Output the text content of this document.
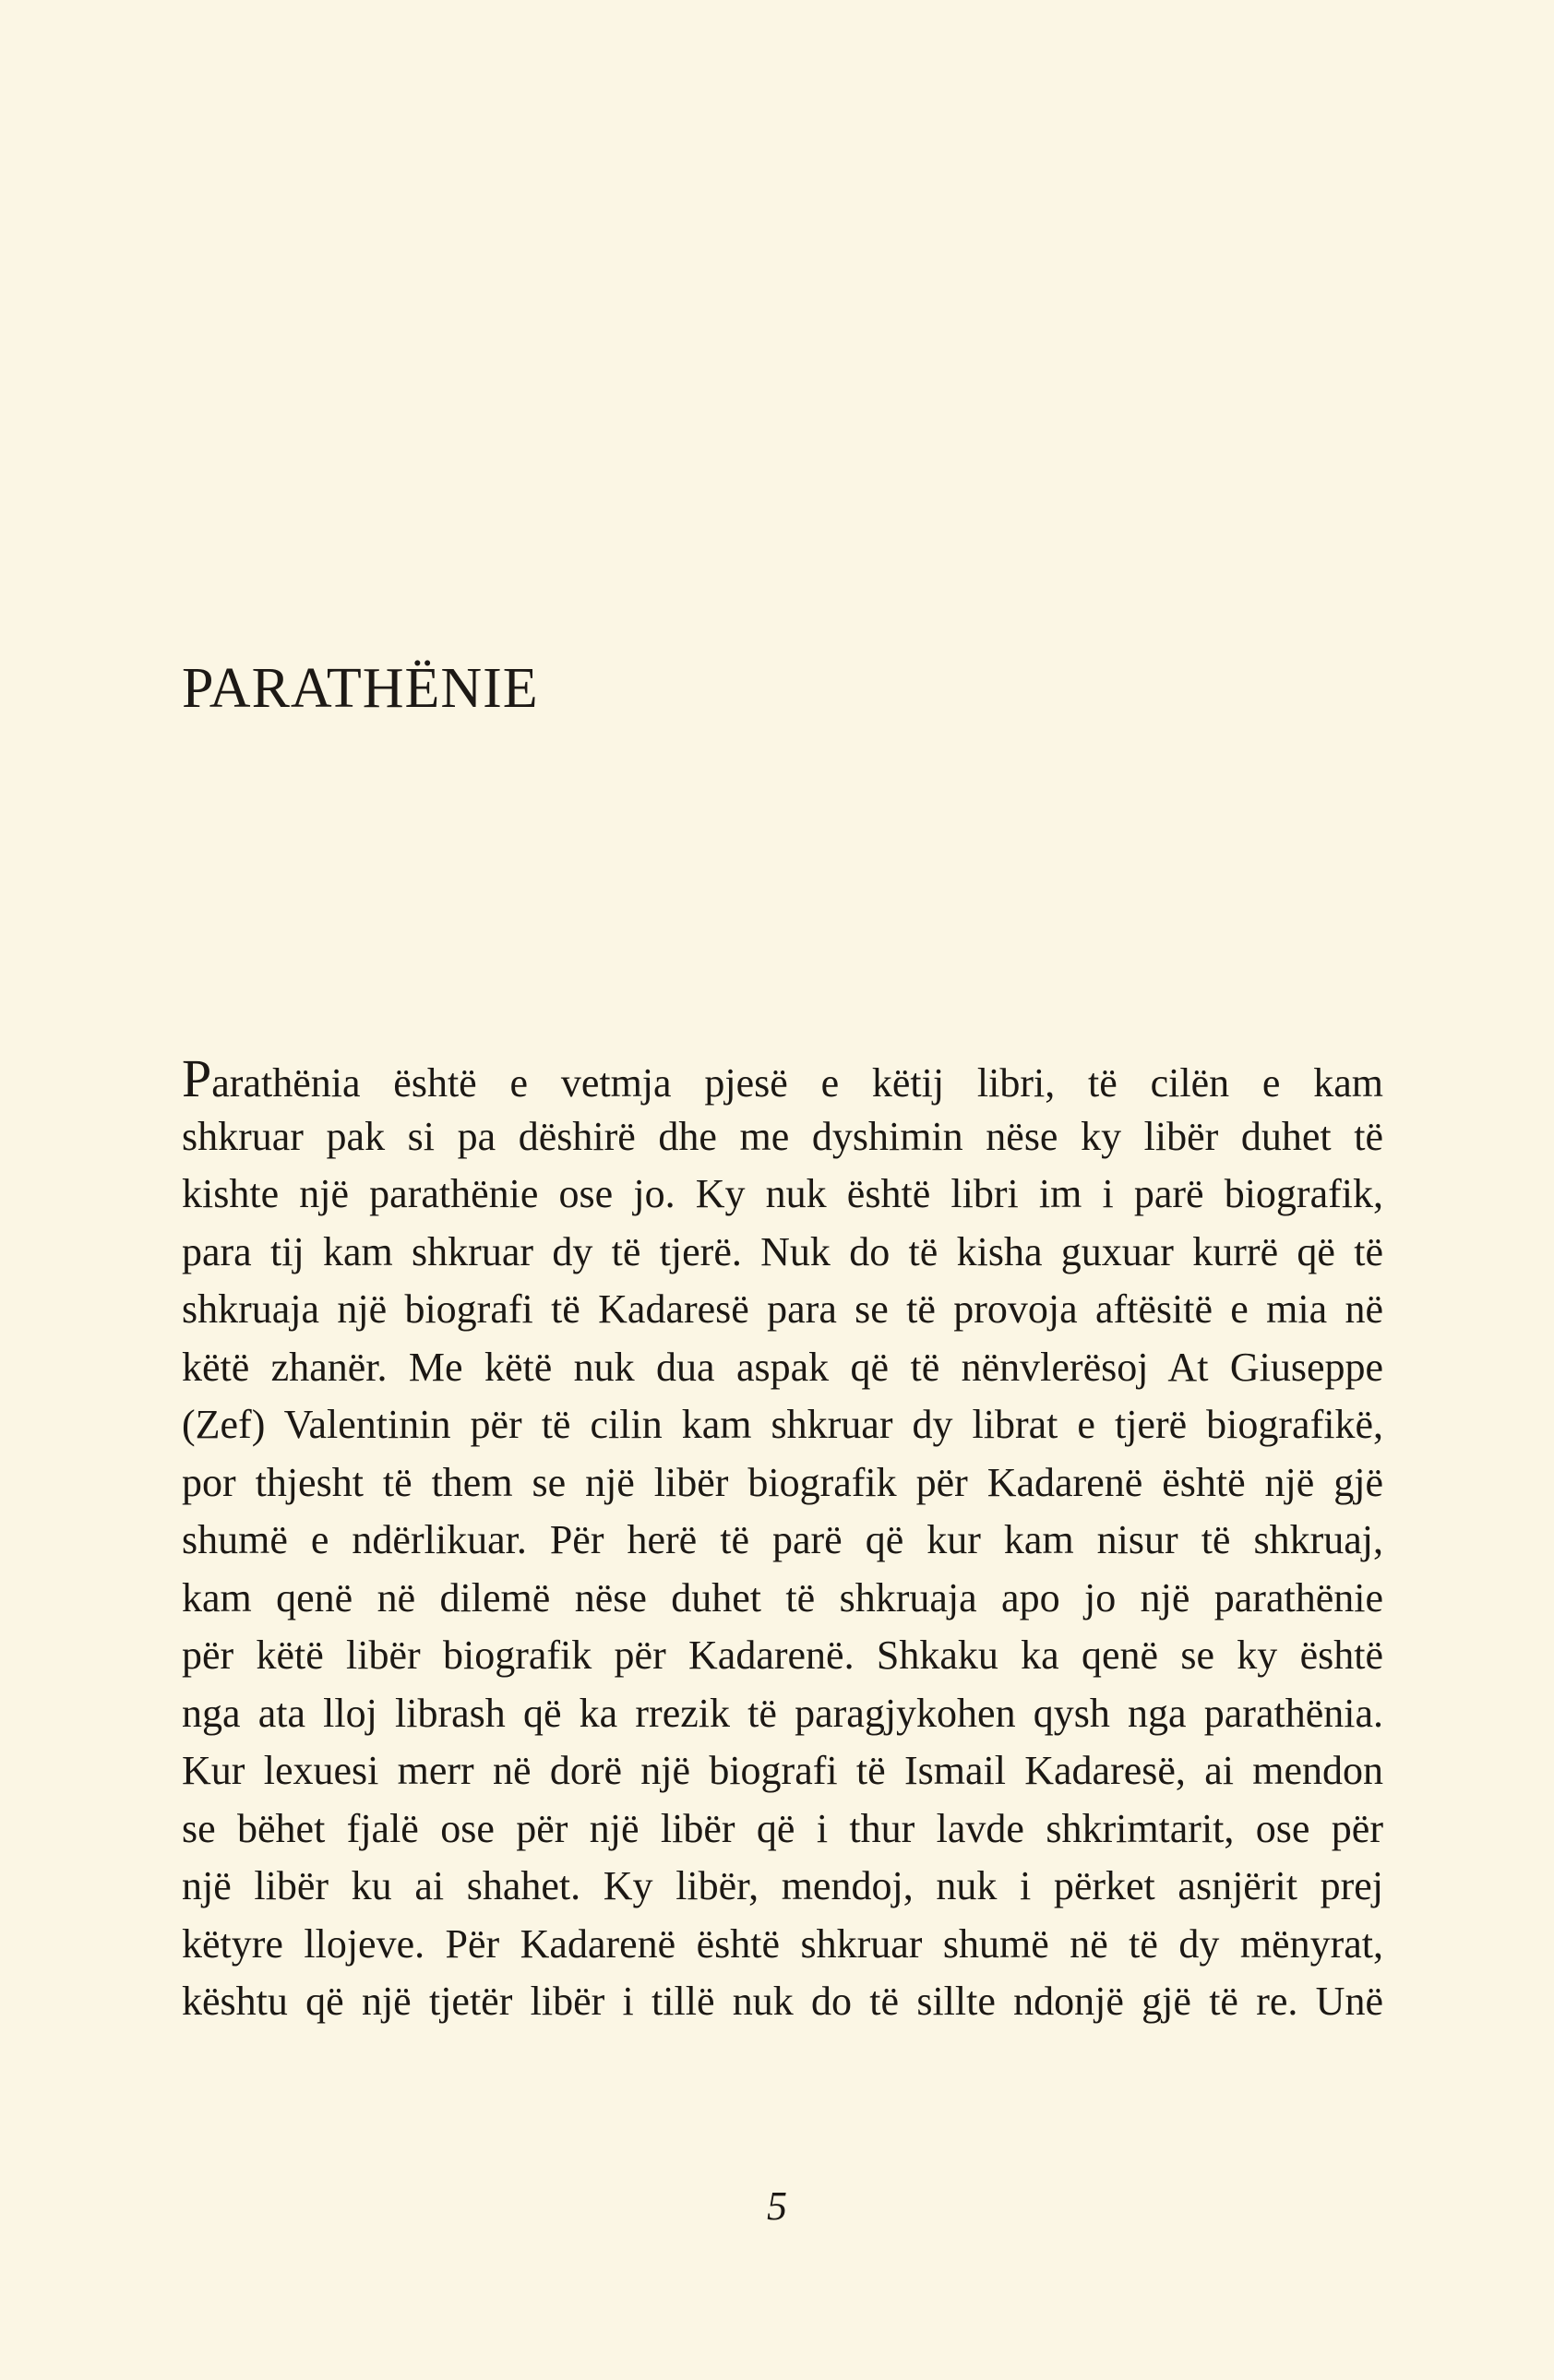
PARATHËNIE

Parathënia është e vetmja pjesë e këtij libri, të cilën e kam
shkruar pak si pa dëshirë dhe me dyshimin nëse ky libër duhet të
kishte një parathënie ose jo. Ky nuk është libri im i parë biografik,
para tij kam shkruar dy të tjerë. Nuk do të kisha guxuar kurrë që të
shkruaja një biografi të Kadaresë para se të provoja aftësitë e mia në
këtë zhanër. Me këtë nuk dua aspak që të nënvlerësoj At Giuseppe
(Zef) Valentinin për të cilin kam shkruar dy librat e tjerë biografikë,
por thjesht të them se një libër biografik për Kadarenë është një gjë
shumë e ndërlikuar. Për herë të parë që kur kam nisur të shkruaj,
kam qenë në dilemë nëse duhet të shkruaja apo jo një parathënie
për këtë libër biografik për Kadarenë. Shkaku ka qenë se ky është
nga ata lloj librash që ka rrezik të paragjykohen qysh nga parathënia.
Kur lexuesi merr në dorë një biografi të Ismail Kadaresë, ai mendon
se bëhet fjalë ose për një libër që i thur lavde shkrimtarit, ose për
një libër ku ai shahet. Ky libër, mendoj, nuk i përket asnjërit prej
këtyre llojeve. Për Kadarenë është shkruar shumë në të dy mënyrat,
kështu që një tjetër libër i tillë nuk do të sillte ndonjë gjë të re. Unë

5
